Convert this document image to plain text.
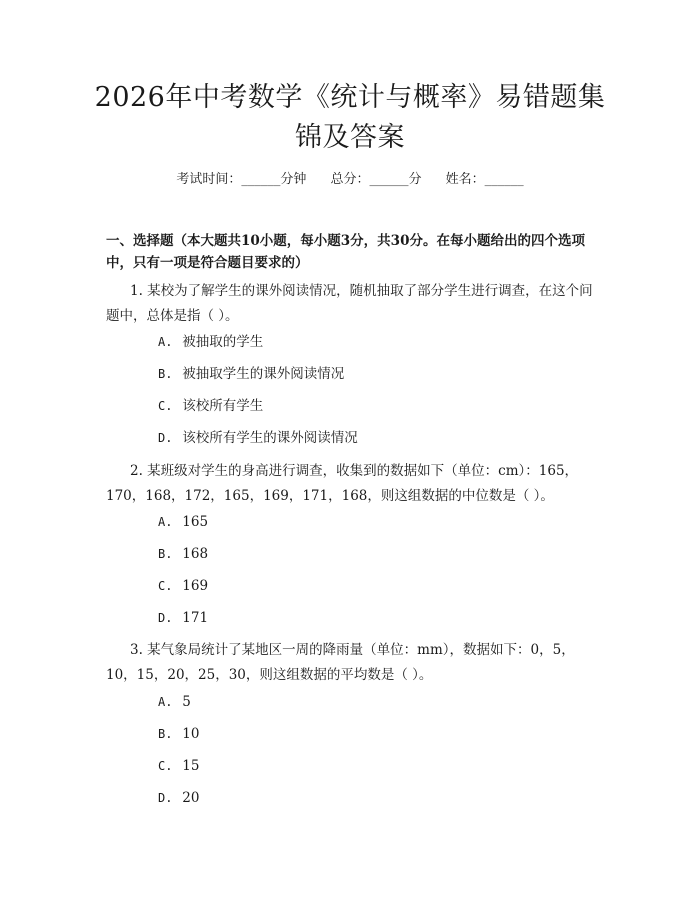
2026年中考数学《统计与概率》易错题集锦及答案
考试时间：______分钟 总分：______分 姓名：______
一、选择题（本大题共10小题，每小题3分，共30分。在每小题给出的四个选项中，只有一项是符合题目要求的）
1. 某校为了解学生的课外阅读情况，随机抽取了部分学生进行调查，在这个问题中，总体是指（ ）。
A. 被抽取的学生
B. 被抽取学生的课外阅读情况
C. 该校所有学生
D. 该校所有学生的课外阅读情况
2. 某班级对学生的身高进行调查，收集到的数据如下（单位：cm）：165，170，168，172，165，169，171，168，则这组数据的中位数是（ ）。
A. 165
B. 168
C. 169
D. 171
3. 某气象局统计了某地区一周的降雨量（单位：mm），数据如下：0，5，10，15，20，25，30，则这组数据的平均数是（ ）。
A. 5
B. 10
C. 15
D. 20
